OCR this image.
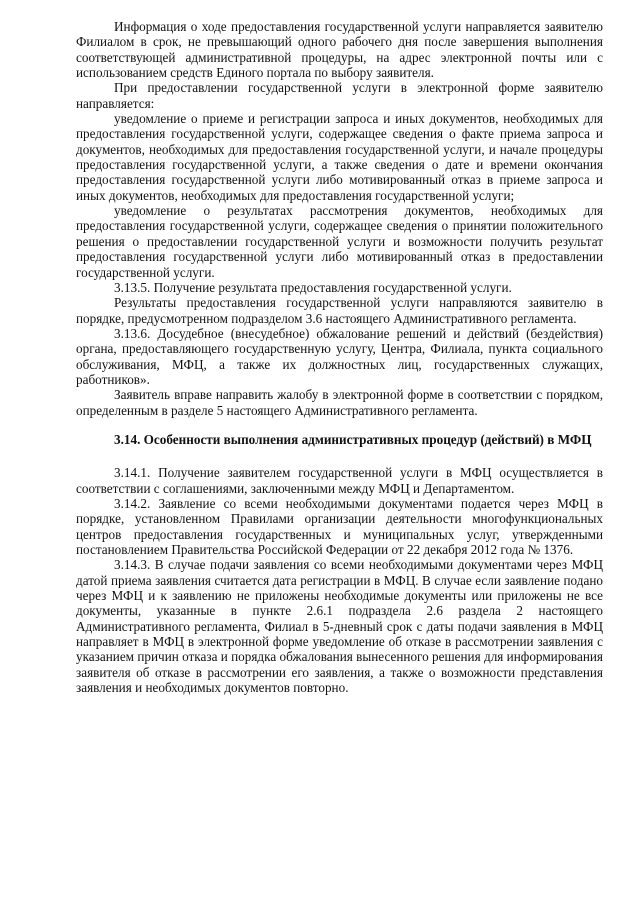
Информация о ходе предоставления государственной услуги направляется заявителю Филиалом в срок, не превышающий одного рабочего дня после завершения выполнения соответствующей административной процедуры, на адрес электронной почты или с использованием средств Единого портала по выбору заявителя.

При предоставлении государственной услуги в электронной форме заявителю направляется:

уведомление о приеме и регистрации запроса и иных документов, необходимых для предоставления государственной услуги, содержащее сведения о факте приема запроса и документов, необходимых для предоставления государственной услуги, и начале процедуры предоставления государственной услуги, а также сведения о дате и времени окончания предоставления государственной услуги либо мотивированный отказ в приеме запроса и иных документов, необходимых для предоставления государственной услуги;

уведомление о результатах рассмотрения документов, необходимых для предоставления государственной услуги, содержащее сведения о принятии положительного решения о предоставлении государственной услуги и возможности получить результат предоставления государственной услуги либо мотивированный отказ в предоставлении государственной услуги.

3.13.5. Получение результата предоставления государственной услуги.

Результаты предоставления государственной услуги направляются заявителю в порядке, предусмотренном подразделом 3.6 настоящего Административного регламента.

3.13.6. Досудебное (внесудебное) обжалование решений и действий (бездействия) органа, предоставляющего государственную услугу, Центра, Филиала, пункта социального обслуживания, МФЦ, а также их должностных лиц, государственных служащих, работников».

Заявитель вправе направить жалобу в электронной форме в соответствии с порядком, определенным в разделе 5 настоящего Административного регламента.

3.14. Особенности выполнения административных процедур (действий) в МФЦ

3.14.1. Получение заявителем государственной услуги в МФЦ осуществляется в соответствии с соглашениями, заключенными между МФЦ и Департаментом.

3.14.2. Заявление со всеми необходимыми документами подается через МФЦ в порядке, установленном Правилами организации деятельности многофункциональных центров предоставления государственных и муниципальных услуг, утвержденными постановлением Правительства Российской Федерации от 22 декабря 2012 года № 1376.

3.14.3. В случае подачи заявления со всеми необходимыми документами через МФЦ датой приема заявления считается дата регистрации в МФЦ. В случае если заявление подано через МФЦ и к заявлению не приложены необходимые документы или приложены не все документы, указанные в пункте 2.6.1 подраздела 2.6 раздела 2 настоящего Административного регламента, Филиал в 5-дневный срок с даты подачи заявления в МФЦ направляет в МФЦ в электронной форме уведомление об отказе в рассмотрении заявления с указанием причин отказа и порядка обжалования вынесенного решения для информирования заявителя об отказе в рассмотрении его заявления, а также о возможности представления заявления и необходимых документов повторно.
